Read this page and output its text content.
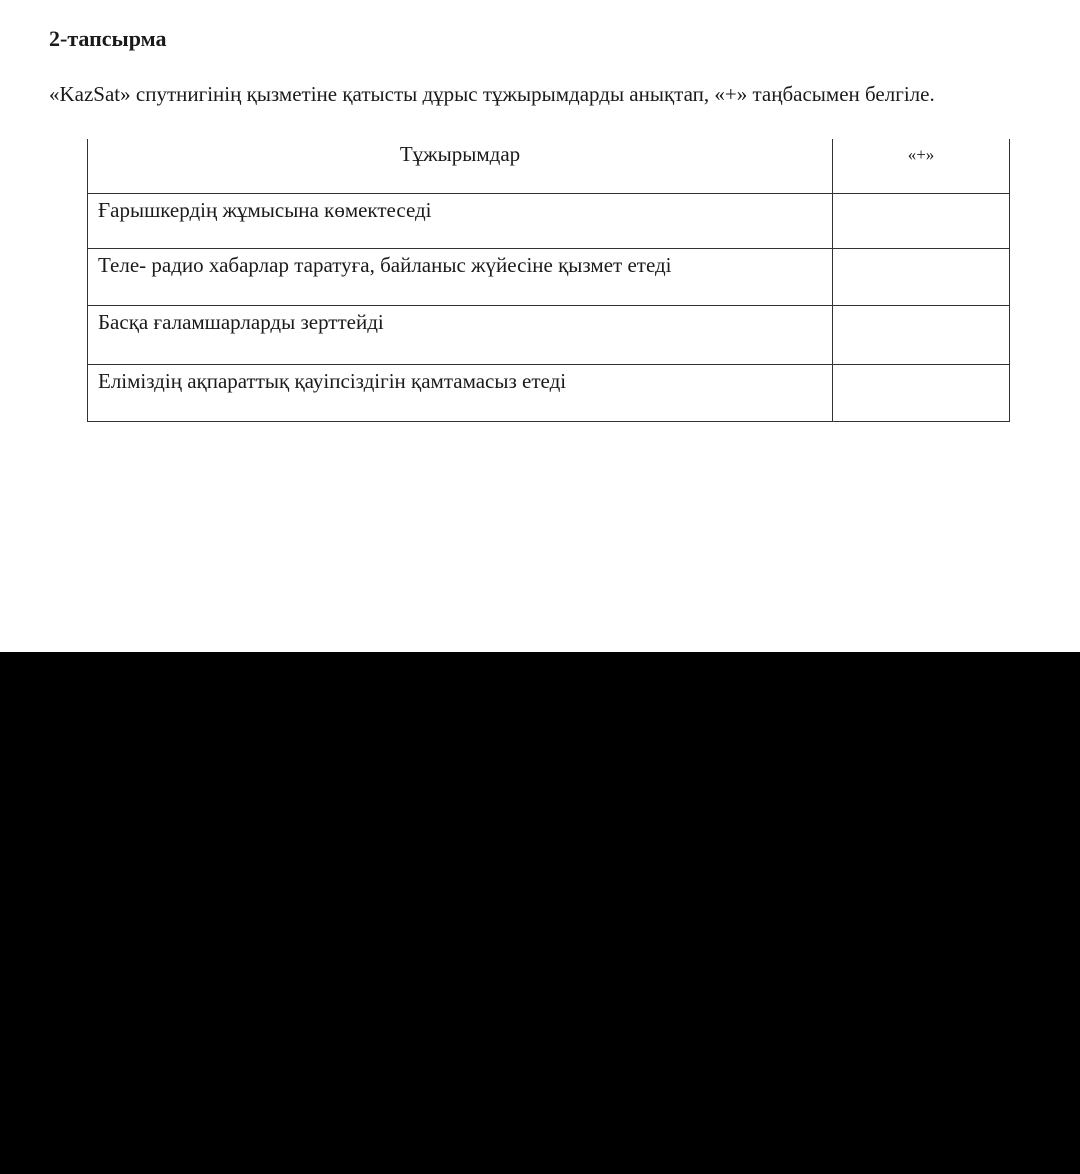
2-тапсырма

«KazSat» спутнигінің қызметіне қатысты дұрыс тұжырымдарды анықтап, «+» таңбасымен белгіле.

Тұжырымдар	«+»
Ғарышкердің жұмысына көмектеседі	
Теле- радио хабарлар таратуға, байланыс жүйесіне қызмет етеді	
Басқа ғаламшарларды зерттейді	
Еліміздің ақпараттық қауіпсіздігін қамтамасыз етеді	
